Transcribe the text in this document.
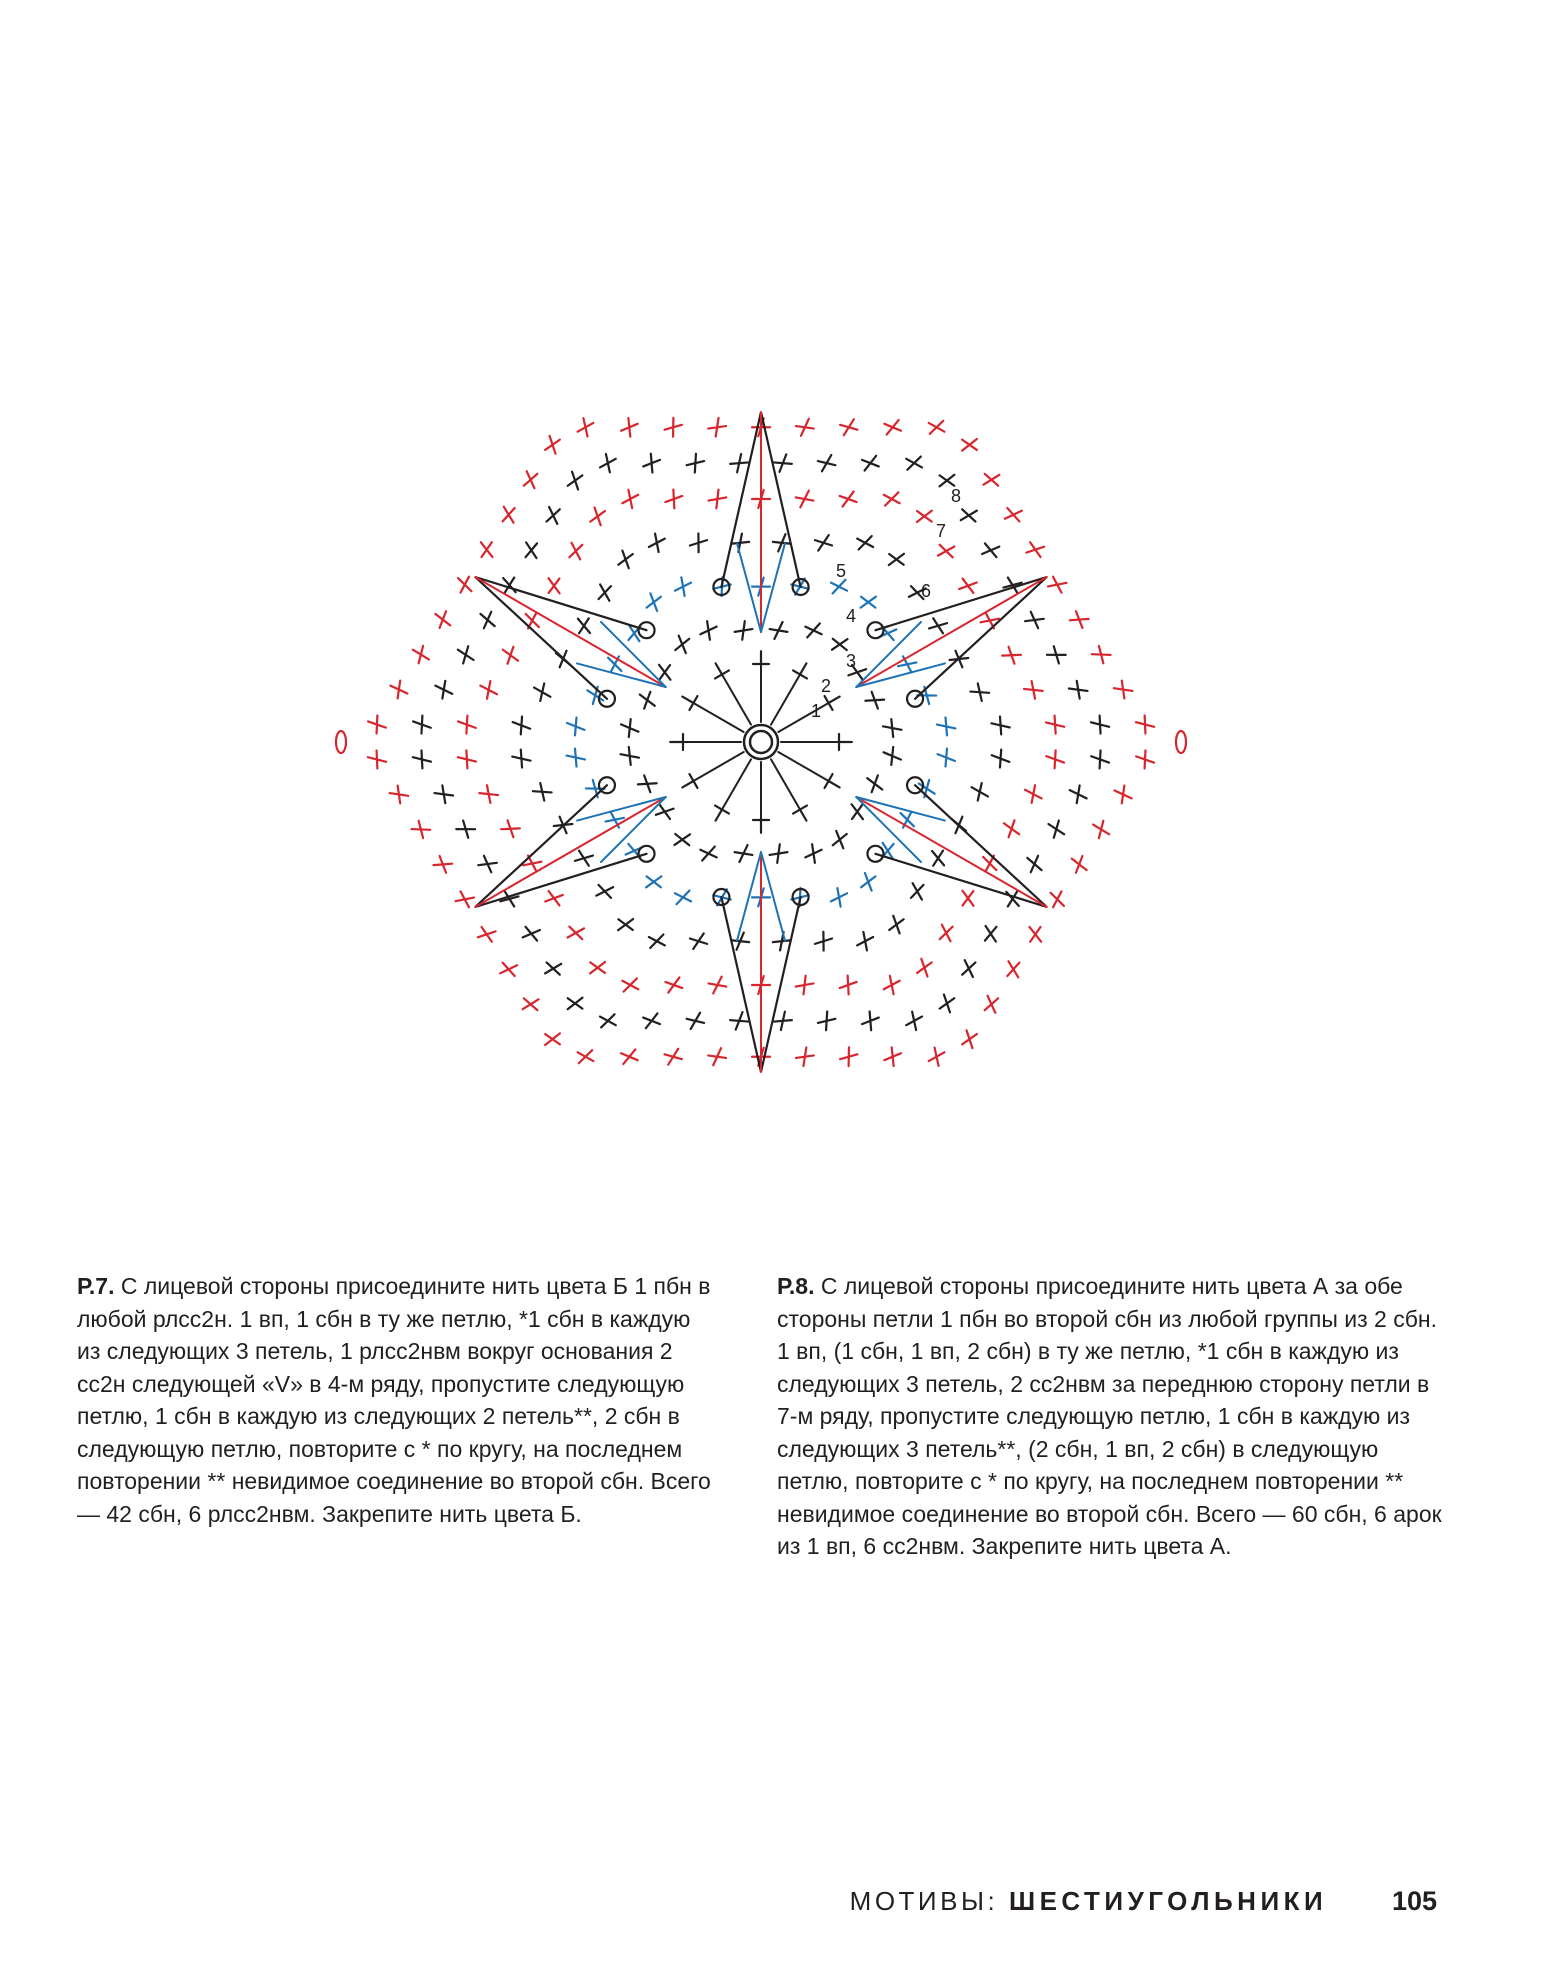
1
2
3
4
5
6
7
8
Р.7. С лицевой стороны присоедините нить цвета Б 1 пбн в любой рлсс2н. 1 вп, 1 сбн в ту же петлю, *1 сбн в каждую из следующих 3 петель, 1 рлсс2нвм вокруг основания 2 сс2н следующей «V» в 4-м ряду, пропустите следующую петлю, 1 сбн в каждую из следующих 2 петель**, 2 сбн в следующую петлю, повторите с * по кругу, на последнем повторении ** невидимое соединение во второй сбн. Всего — 42 сбн, 6 рлсс2нвм. Закрепите нить цвета Б.
Р.8. С лицевой стороны присоедините нить цвета А за обе стороны петли 1 пбн во второй сбн из любой группы из 2 сбн. 1 вп, (1 сбн, 1 вп, 2 сбн) в ту же петлю, *1 сбн в каждую из следующих 3 петель, 2 сс2нвм за переднюю сторону петли в 7-м ряду, пропустите следующую петлю, 1 сбн в каждую из следующих 3 петель**, (2 сбн, 1 вп, 2 сбн) в следующую петлю, повторите с * по кругу, на последнем повторении ** невидимое соединение во второй сбн. Всего — 60 сбн, 6 арок из 1 вп, 6 сс2нвм. Закрепите нить цвета А.
МОТИВЫ: ШЕСТИУГОЛЬНИКИ 105
